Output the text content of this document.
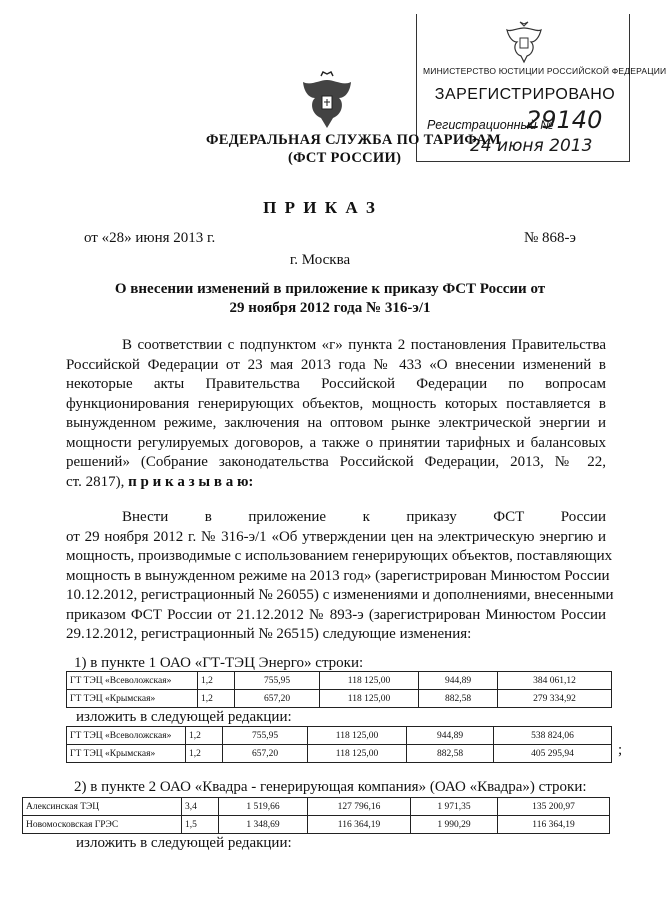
МИНИСТЕРСТВО ЮСТИЦИИ РОССИЙСКОЙ ФЕДЕРАЦИИ
ЗАРЕГИСТРИРОВАНО
Регистрационный №
29140
24 июня 2013
ФЕДЕРАЛЬНАЯ СЛУЖБА ПО ТАРИФАМ
(ФСТ РОССИИ)
П Р И К А З
от «28» июня 2013 г.	№ 868-э
г. Москва
О внесении изменений в приложение к приказу ФСТ России от
29 ноября 2012 года № 316-э/1
В соответствии с подпунктом «г» пункта 2 постановления Правительства
Российской Федерации от 23 мая 2013 года № 433 «О внесении изменений в
некоторые акты Правительства Российской Федерации по вопросам
функционирования генерирующих объектов, мощность которых поставляется в
вынужденном режиме, заключения на оптовом рынке электрической энергии и
мощности регулируемых договоров, а также о принятии тарифных и балансовых
решений» (Собрание законодательства Российской Федерации, 2013, № 22,
ст. 2817), п р и к а з ы в а ю:
Внести в приложение к приказу ФСТ России
от 29 ноября 2012 г. № 316-э/1 «Об утверждении цен на электрическую энергию и
мощность, производимые с использованием генерирующих объектов, поставляющих
мощность в вынужденном режиме на 2013 год» (зарегистрирован Минюстом России
10.12.2012, регистрационный № 26055) с изменениями и дополнениями, внесенными
приказом ФСТ России от 21.12.2012 № 893-э (зарегистрирован Минюстом России
29.12.2012, регистрационный № 26515) следующие изменения:
1) в пункте 1 ОАО «ГТ-ТЭЦ Энерго» строки:
ГТ ТЭЦ «Всеволожская»	1,2	755,95	118 125,00	944,89	384 061,12
ГТ ТЭЦ «Крымская»	1,2	657,20	118 125,00	882,58	279 334,92
изложить в следующей редакции:
ГТ ТЭЦ «Всеволожская»	1,2	755,95	118 125,00	944,89	538 824,06
ГТ ТЭЦ «Крымская»	1,2	657,20	118 125,00	882,58	405 295,94	;
2) в пункте 2 ОАО «Квадра - генерирующая компания» (ОАО «Квадра») строки:
Алексинская ТЭЦ	3,4	1 519,66	127 796,16	1 971,35	135 200,97
Новомосковская ГРЭС	1,5	1 348,69	116 364,19	1 990,29	116 364,19
изложить в следующей редакции:
